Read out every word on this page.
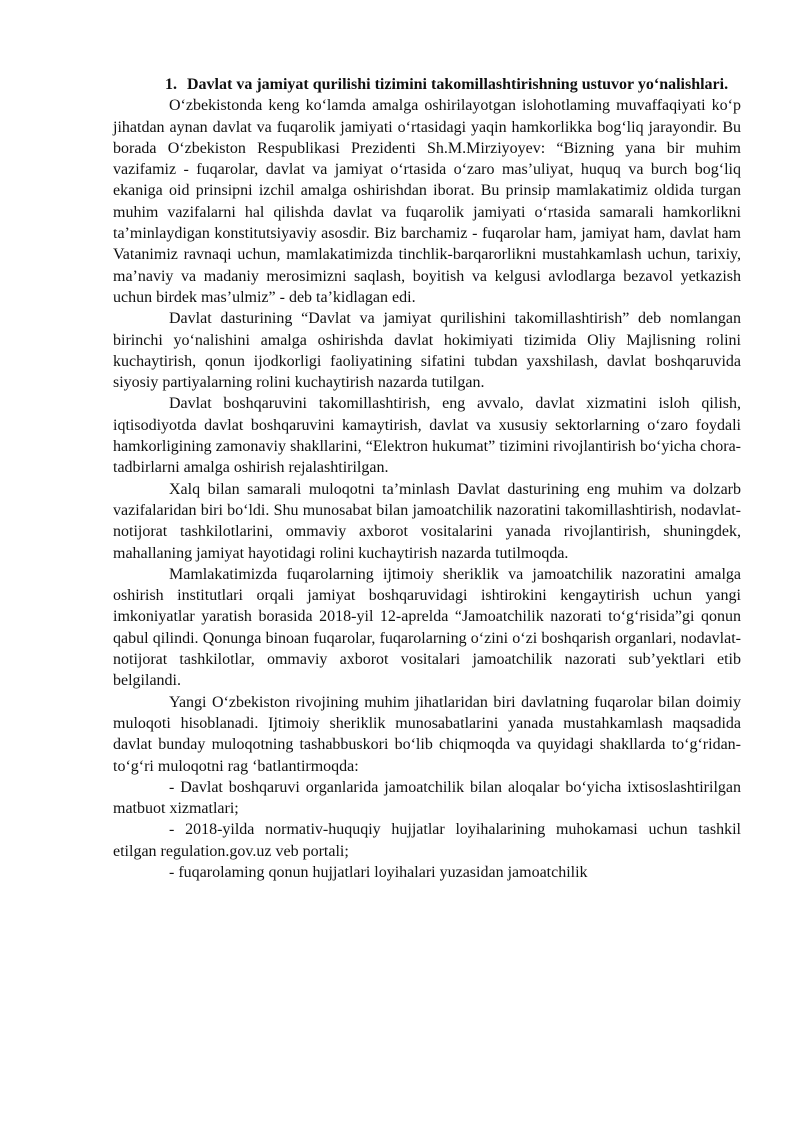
1. Davlat va jamiyat qurilishi tizimini takomillashtirishning ustuvor yo‘nalishlari.

O‘zbekistonda keng ko‘lamda amalga oshirilayotgan islohotlaming muvaffaqiyati ko‘p jihatdan aynan davlat va fuqarolik jamiyati o‘rtasidagi yaqin hamkorlikka bog‘liq jarayondir. Bu borada O‘zbekiston Respublikasi Prezidenti Sh.M.Mirziyoyev: “Bizning yana bir muhim vazifamiz - fuqarolar, davlat va jamiyat o‘rtasida o‘zaro mas’uliyat, huquq va burch bog‘liq ekaniga oid prinsipni izchil amalga oshirishdan iborat. Bu prinsip mamlakatimiz oldida turgan muhim vazifalarni hal qilishda davlat va fuqarolik jamiyati o‘rtasida samarali hamkorlikni ta’minlaydigan konstitutsiyaviy asosdir. Biz barchamiz - fuqarolar ham, jamiyat ham, davlat ham Vatanimiz ravnaqi uchun, mamlakatimizda tinchlik-barqarorlikni mustahkamlash uchun, tarixiy, ma’naviy va madaniy merosimizni saqlash, boyitish va kelgusi avlodlarga bezavol yetkazish uchun birdek mas’ulmiz” - deb ta’kidlagan edi.

Davlat dasturining “Davlat va jamiyat qurilishini takomillashtirish” deb nomlangan birinchi yo‘nalishini amalga oshirishda davlat hokimiyati tizimida Oliy Majlisning rolini kuchaytirish, qonun ijodkorligi faoliyatining sifatini tubdan yaxshilash, davlat boshqaruvida siyosiy partiyalarning rolini kuchaytirish nazarda tutilgan.

Davlat boshqaruvini takomillashtirish, eng avvalo, davlat xizmatini isloh qilish, iqtisodiyotda davlat boshqaruvini kamaytirish, davlat va xususiy sektorlarning o‘zaro foydali hamkorligining zamonaviy shakllarini, “Elektron hukumat” tizimini rivojlantirish bo‘yicha chora-tadbirlarni amalga oshirish rejalashtirilgan.

Xalq bilan samarali muloqotni ta’minlash Davlat dasturining eng muhim va dolzarb vazifalaridan biri bo‘ldi. Shu munosabat bilan jamoatchilik nazoratini takomillashtirish, nodavlat-notijorat tashkilotlarini, ommaviy axborot vositalarini yanada rivojlantirish, shuningdek, mahallaning jamiyat hayotidagi rolini kuchaytirish nazarda tutilmoqda.

Mamlakatimizda fuqarolarning ijtimoiy sheriklik va jamoatchilik nazoratini amalga oshirish institutlari orqali jamiyat boshqaruvidagi ishtirokini kengaytirish uchun yangi imkoniyatlar yaratish borasida 2018-yil 12-aprelda “Jamoatchilik nazorati to‘g‘risida”gi qonun qabul qilindi. Qonunga binoan fuqarolar, fuqarolarning o‘zini o‘zi boshqarish organlari, nodavlat-notijorat tashkilotlar, ommaviy axborot vositalari jamoatchilik nazorati sub’yektlari etib belgilandi.

Yangi O‘zbekiston rivojining muhim jihatlaridan biri davlatning fuqarolar bilan doimiy muloqoti hisoblanadi. Ijtimoiy sheriklik munosabatlarini yanada mustahkamlash maqsadida davlat bunday muloqotning tashabbuskori bo‘lib chiqmoqda va quyidagi shakllarda to‘g‘ridan-to‘g‘ri muloqotni rag ‘batlantirmoqda:

- Davlat boshqaruvi organlarida jamoatchilik bilan aloqalar bo‘yicha ixtisoslashtirilgan matbuot xizmatlari;

- 2018-yilda normativ-huquqiy hujjatlar loyihalarining muhokamasi uchun tashkil etilgan regulation.gov.uz veb portali;

- fuqarolaming qonun hujjatlari loyihalari yuzasidan jamoatchilik
